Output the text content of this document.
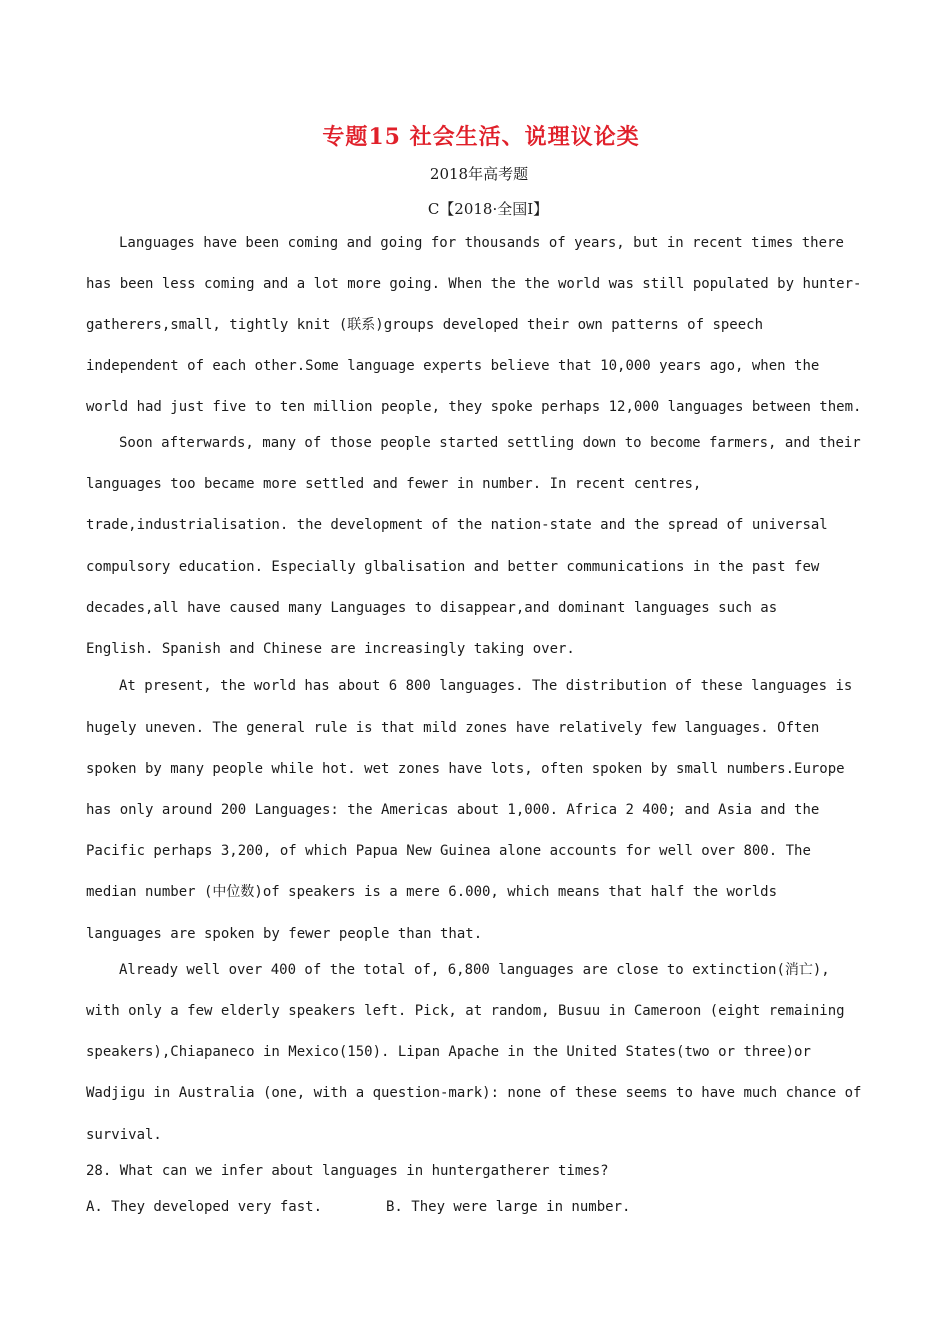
专题15 社会生活、说理议论类
2018年高考题
C【2018·全国I】
Languages have been coming and going for thousands of years, but in recent times there
has been less coming and a lot more going. When the the world was still populated by hunter-
gatherers,small, tightly knit (联系)groups developed their own patterns of speech
independent of each other.Some language experts believe that 10,000 years ago, when the
world had just five to ten million people, they spoke perhaps 12,000 languages between them.
Soon afterwards, many of those people started settling down to become farmers, and their
languages too became more settled and fewer in number. In recent centres,
trade,industrialisation. the development of the nation-state and the spread of universal
compulsory education. Especially glbalisation and better communications in the past few
decades,all have caused many Languages to disappear,and dominant languages such as
English. Spanish and Chinese are increasingly taking over.
At present, the world has about 6 800 languages. The distribution of these languages is
hugely uneven. The general rule is that mild zones have relatively few languages. Often
spoken by many people while hot. wet zones have lots, often spoken by small numbers.Europe
has only around 200 Languages: the Americas about 1,000. Africa 2 400; and Asia and the
Pacific perhaps 3,200, of which Papua New Guinea alone accounts for well over 800. The
median number (中位数)of speakers is a mere 6.000, which means that half the worlds
languages are spoken by fewer people than that.
Already well over 400 of the total of, 6,800 languages are close to extinction(消亡),
with only a few elderly speakers left. Pick, at random, Busuu in Cameroon (eight remaining
speakers),Chiapaneco in Mexico(150). Lipan Apache in the United States(two or three)or
Wadjigu in Australia (one, with a question-mark): none of these seems to have much chance of
survival.
28. What can we infer about languages in huntergatherer times?
A. They developed very fast.	B. They were large in number.
